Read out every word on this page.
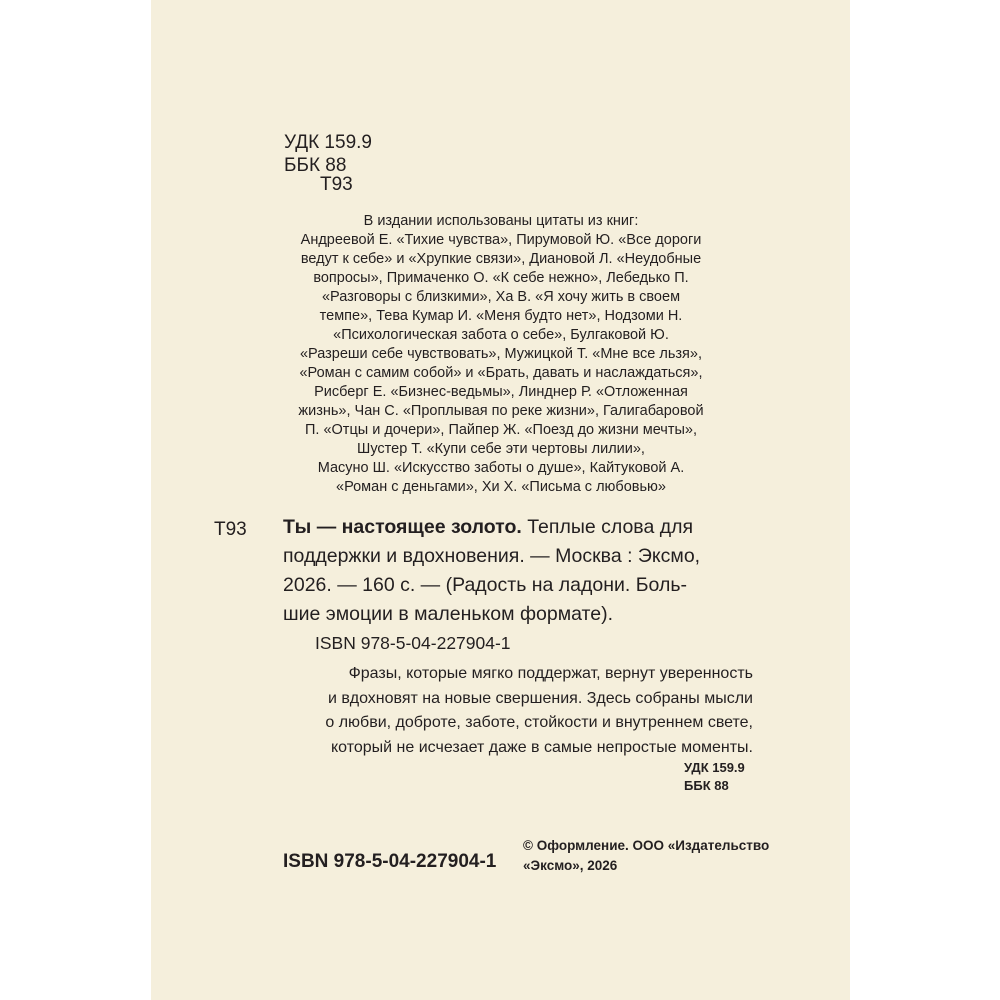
УДК 159.9
ББК 88
Т93
В издании использованы цитаты из книг:
Андреевой Е. «Тихие чувства», Пирумовой Ю. «Все дороги
ведут к себе» и «Хрупкие связи», Диановой Л. «Неудобные
вопросы», Примаченко О. «К себе нежно», Лебедько П.
«Разговоры с близкими», Ха В. «Я хочу жить в своем
темпе», Тева Кумар И. «Меня будто нет», Нодзоми Н.
«Психологическая забота о себе», Булгаковой Ю.
«Разреши себе чувствовать», Мужицкой Т. «Мне все льзя»,
«Роман с самим собой» и «Брать, давать и наслаждаться»,
Рисберг Е. «Бизнес-ведьмы», Линднер Р. «Отложенная
жизнь», Чан С. «Проплывая по реке жизни», Галигабаровой
П. «Отцы и дочери», Пайпер Ж. «Поезд до жизни мечты»,
Шустер Т. «Купи себе эти чертовы лилии»,
Масуно Ш. «Искусство заботы о душе», Кайтуковой А.
«Роман с деньгами», Хи Х. «Письма с любовью»
Т93 Ты — настоящее золото. Теплые слова для
поддержки и вдохновения. — Москва : Эксмо,
2026. — 160 с. — (Радость на ладони. Боль-
шие эмоции в маленьком формате).
ISBN 978-5-04-227904-1
Фразы, которые мягко поддержат, вернут уверенность
и вдохновят на новые свершения. Здесь собраны мысли
о любви, доброте, заботе, стойкости и внутреннем свете,
который не исчезает даже в самые непростые моменты.
УДК 159.9
ББК 88
ISBN 978-5-04-227904-1
© Оформление. ООО «Издательство
«Эксмо», 2026
